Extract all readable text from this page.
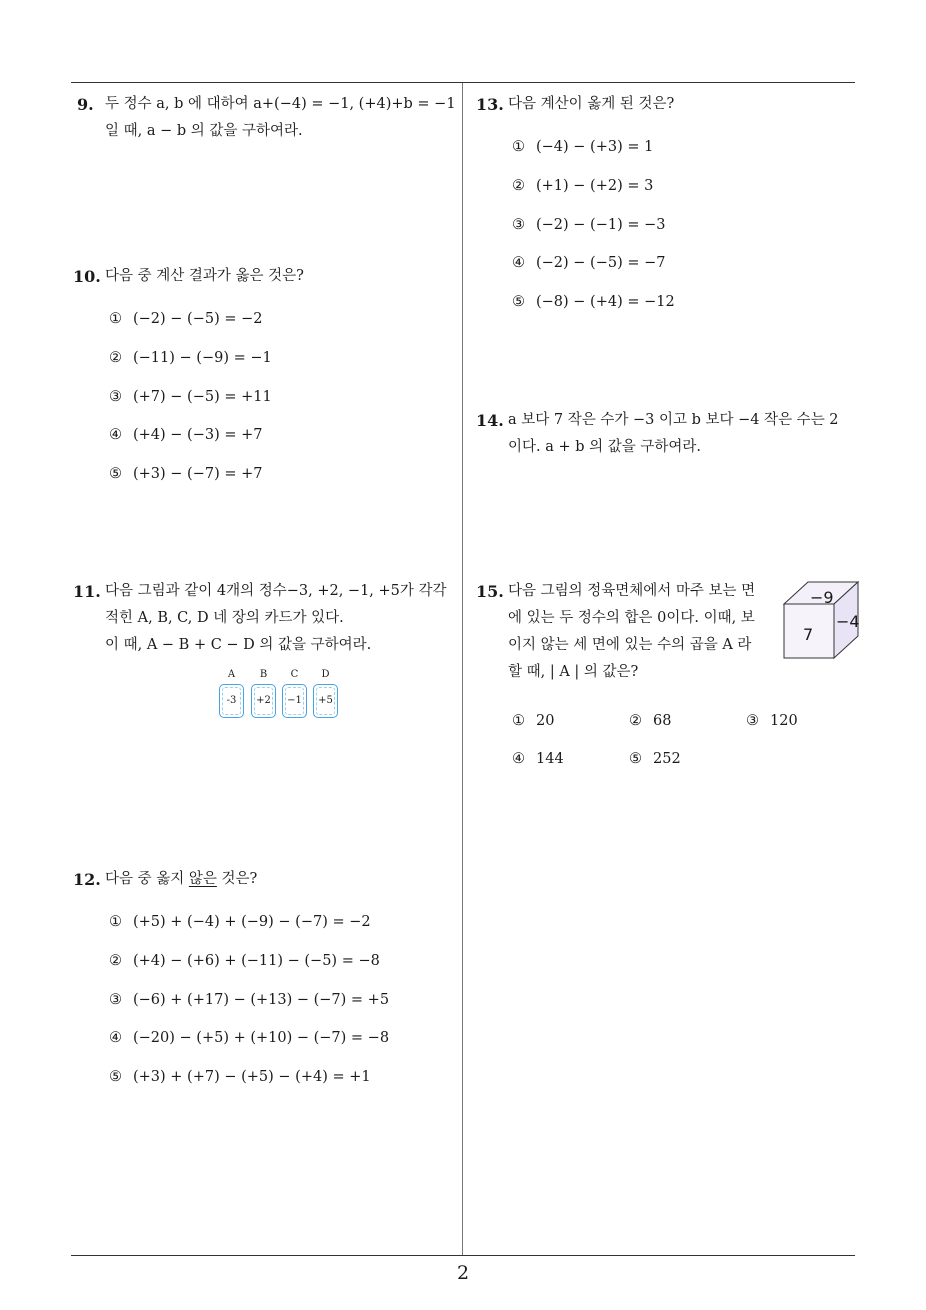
9. 두 정수 a, b 에 대하여 a+(−4) = −1, (+4)+b = −1
일 때, a − b 의 값을 구하여라.
10. 다음 중 계산 결과가 옳은 것은?
① (−2) − (−5) = −2
② (−11) − (−9) = −1
③ (+7) − (−5) = +11
④ (+4) − (−3) = +7
⑤ (+3) − (−7) = +7
11. 다음 그림과 같이 4개의 정수−3, +2, −1, +5가 각각
적힌 A, B, C, D 네 장의 카드가 있다.
이 때, A − B + C − D 의 값을 구하여라.
A
-3
B
+2
C
−1
D
+5
12. 다음 중 옳지 않은 것은?
① (+5) + (−4) + (−9) − (−7) = −2
② (+4) − (+6) + (−11) − (−5) = −8
③ (−6) + (+17) − (+13) − (−7) = +5
④ (−20) − (+5) + (+10) − (−7) = −8
⑤ (+3) + (+7) − (+5) − (+4) = +1
13. 다음 계산이 옳게 된 것은?
① (−4) − (+3) = 1
② (+1) − (+2) = 3
③ (−2) − (−1) = −3
④ (−2) − (−5) = −7
⑤ (−8) − (+4) = −12
14. a 보다 7 작은 수가 −3 이고 b 보다 −4 작은 수는 2
이다. a + b 의 값을 구하여라.
15. 다음 그림의 정육면체에서 마주 보는 면
에 있는 두 정수의 합은 0이다. 이때, 보
이지 않는 세 면에 있는 수의 곱을 A 라
할 때, | A | 의 값은?
① 20	② 68	③ 120
④ 144	⑤ 252
−9
7
−4
2
